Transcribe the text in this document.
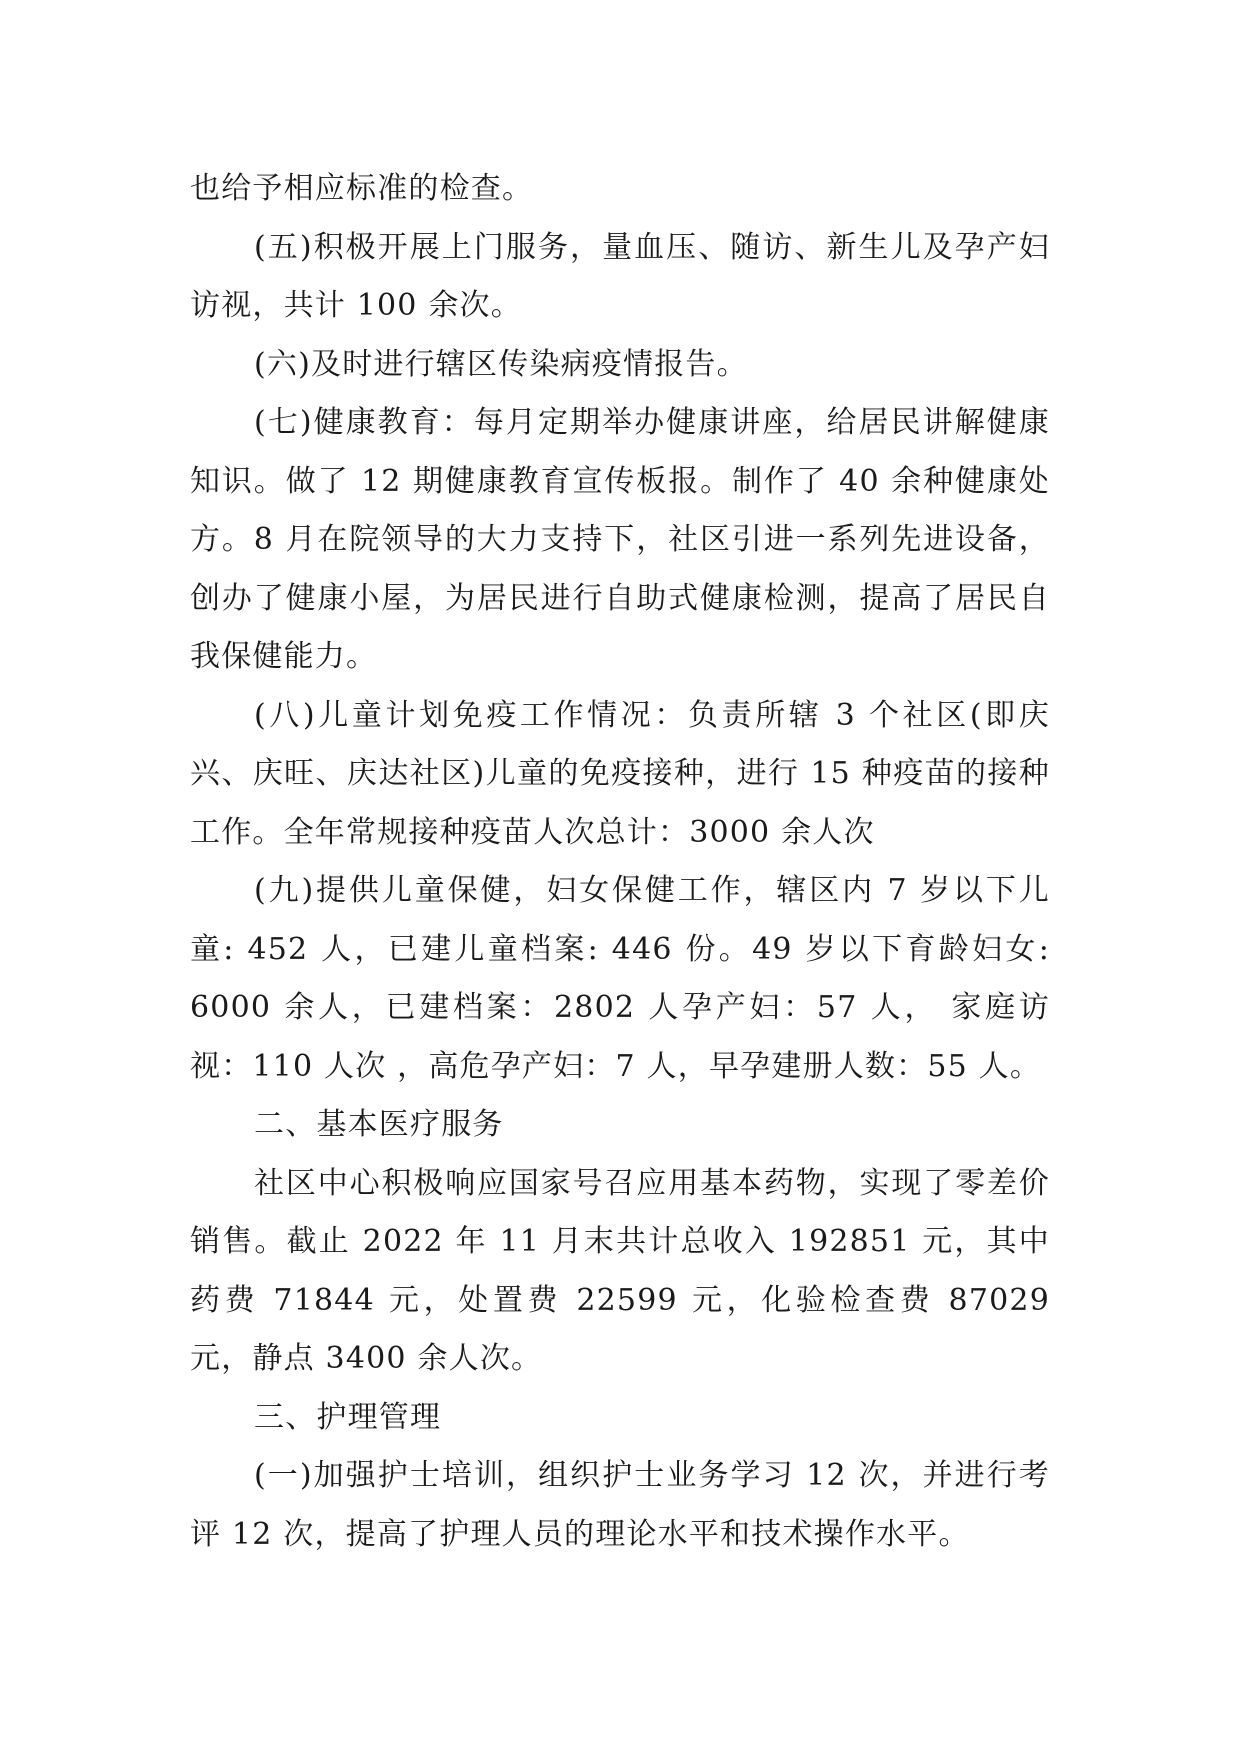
也给予相应标准的检查。

(五)积极开展上门服务，量血压、随访、新生儿及孕产妇访视，共计 100 余次。

(六)及时进行辖区传染病疫情报告。

(七)健康教育：每月定期举办健康讲座，给居民讲解健康知识。做了 12 期健康教育宣传板报。制作了 40 余种健康处方。8 月在院领导的大力支持下，社区引进一系列先进设备，创办了健康小屋，为居民进行自助式健康检测，提高了居民自我保健能力。

(八)儿童计划免疫工作情况：负责所辖 3 个社区(即庆兴、庆旺、庆达社区)儿童的免疫接种，进行 15 种疫苗的接种工作。全年常规接种疫苗人次总计：3000 余人次

(九)提供儿童保健，妇女保健工作，辖区内 7 岁以下儿童: 452 人，已建儿童档案: 446 份。49 岁以下育龄妇女: 6000 余人，已建档案：2802 人孕产妇：57 人， 家庭访视：110 人次 ，高危孕产妇：7 人，早孕建册人数：55 人。

二、基本医疗服务

社区中心积极响应国家号召应用基本药物，实现了零差价销售。截止 2022 年 11 月末共计总收入 192851 元，其中药费 71844 元，处置费 22599 元，化验检查费 87029 元，静点 3400 余人次。

三、护理管理

(一)加强护士培训，组织护士业务学习 12 次，并进行考评 12 次，提高了护理人员的理论水平和技术操作水平。
